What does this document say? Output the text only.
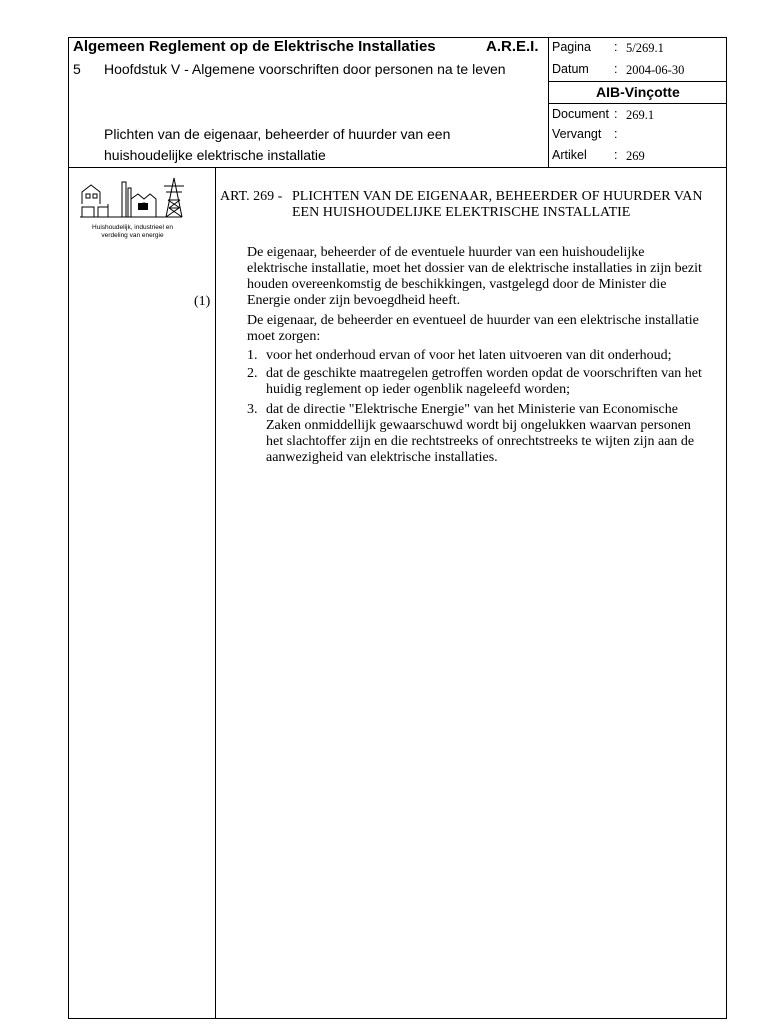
Algemeen Reglement op de Elektrische Installaties	A.R.E.I.
5 Hoofdstuk V - Algemene voorschriften door personen na te leven
Plichten van de eigenaar, beheerder of huurder van een
huishoudelijke elektrische installatie
Pagina : 5/269.1
Datum : 2004-06-30
AIB-Vinçotte
Document : 269.1
Vervangt :
Artikel : 269
Huishoudelijk, industrieel en
verdeling van energie
ART. 269 - PLICHTEN VAN DE EIGENAAR, BEHEERDER OF HUURDER VAN
EEN HUISHOUDELIJKE ELEKTRISCHE INSTALLATIE
(1)
De eigenaar, beheerder of de eventuele huurder van een huishoudelijke
elektrische installatie, moet het dossier van de elektrische installaties in zijn bezit
houden overeenkomstig de beschikkingen, vastgelegd door de Minister die
Energie onder zijn bevoegdheid heeft.
De eigenaar, de beheerder en eventueel de huurder van een elektrische installatie
moet zorgen:
1. voor het onderhoud ervan of voor het laten uitvoeren van dit onderhoud;
2. dat de geschikte maatregelen getroffen worden opdat de voorschriften van het
huidig reglement op ieder ogenblik nageleefd worden;
3. dat de directie "Elektrische Energie" van het Ministerie van Economische
Zaken onmiddellijk gewaarschuwd wordt bij ongelukken waarvan personen
het slachtoffer zijn en die rechtstreeks of onrechtstreeks te wijten zijn aan de
aanwezigheid van elektrische installaties.
